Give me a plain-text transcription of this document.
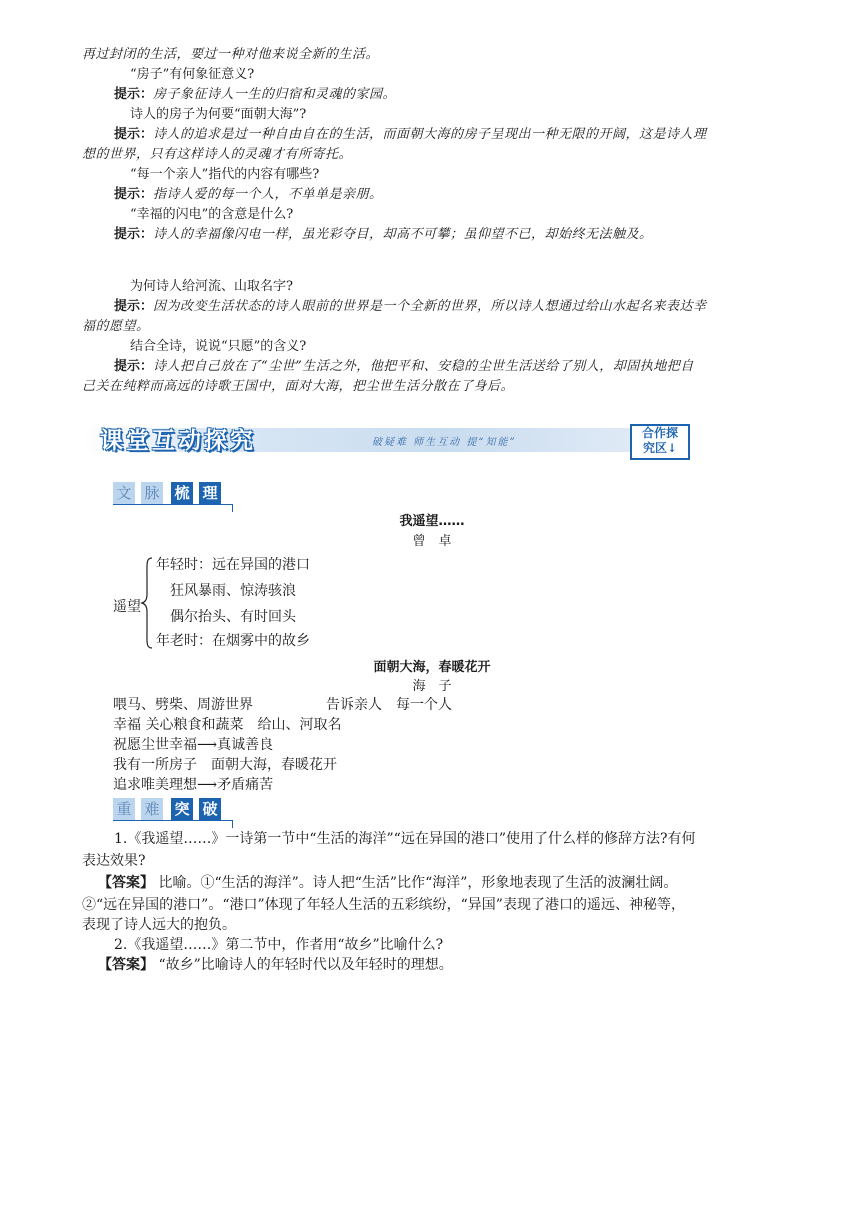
再过封闭的生活，要过一种对他来说全新的生活。
“房子”有何象征意义?
提示：房子象征诗人一生的归宿和灵魂的家园。
诗人的房子为何要“面朝大海”?
提示：诗人的追求是过一种自由自在的生活，而面朝大海的房子呈现出一种无限的开阔，这是诗人理
想的世界，只有这样诗人的灵魂才有所寄托。
“每一个亲人”指代的内容有哪些?
提示：指诗人爱的每一个人，不单单是亲朋。
“幸福的闪电”的含意是什么?
提示：诗人的幸福像闪电一样，虽光彩夺目，却高不可攀；虽仰望不已，却始终无法触及。
为何诗人给河流、山取名字?
提示：因为改变生活状态的诗人眼前的世界是一个全新的世界，所以诗人想通过给山水起名来表达幸
福的愿望。
结合全诗，说说“只愿”的含义?
提示：诗人把自己放在了“尘世”生活之外，他把平和、安稳的尘世生活送给了别人，却固执地把自
己关在纯粹而高远的诗歌王国中，面对大海，把尘世生活分散在了身后。
课堂互动探究	破疑难 师生互动 提“知能”
合作探
究区↓
文 脉 梳 理
我遥望……
曾　卓
遥望
年轻时：远在异国的港口
狂风暴雨、惊涛骇浪
偶尔抬头、有时回头
年老时：在烟雾中的故乡
面朝大海，春暖花开
海　子
喂马、劈柴、周游世界	告诉亲人　每一个人
幸福 关心粮食和蔬菜　给山、河取名
祝愿尘世幸福⟶真诚善良
我有一所房子　面朝大海，春暖花开
追求唯美理想⟶矛盾痛苦
重 难 突 破
1.《我遥望……》一诗第一节中“生活的海洋”“远在异国的港口”使用了什么样的修辞方法?有何
表达效果?
【答案】 比喻。①“生活的海洋”。诗人把“生活”比作“海洋”，形象地表现了生活的波澜壮阔。
②“远在异国的港口”。“港口”体现了年轻人生活的五彩缤纷，“异国”表现了港口的遥远、神秘等，
表现了诗人远大的抱负。
2.《我遥望……》第二节中，作者用“故乡”比喻什么?
【答案】 “故乡”比喻诗人的年轻时代以及年轻时的理想。
